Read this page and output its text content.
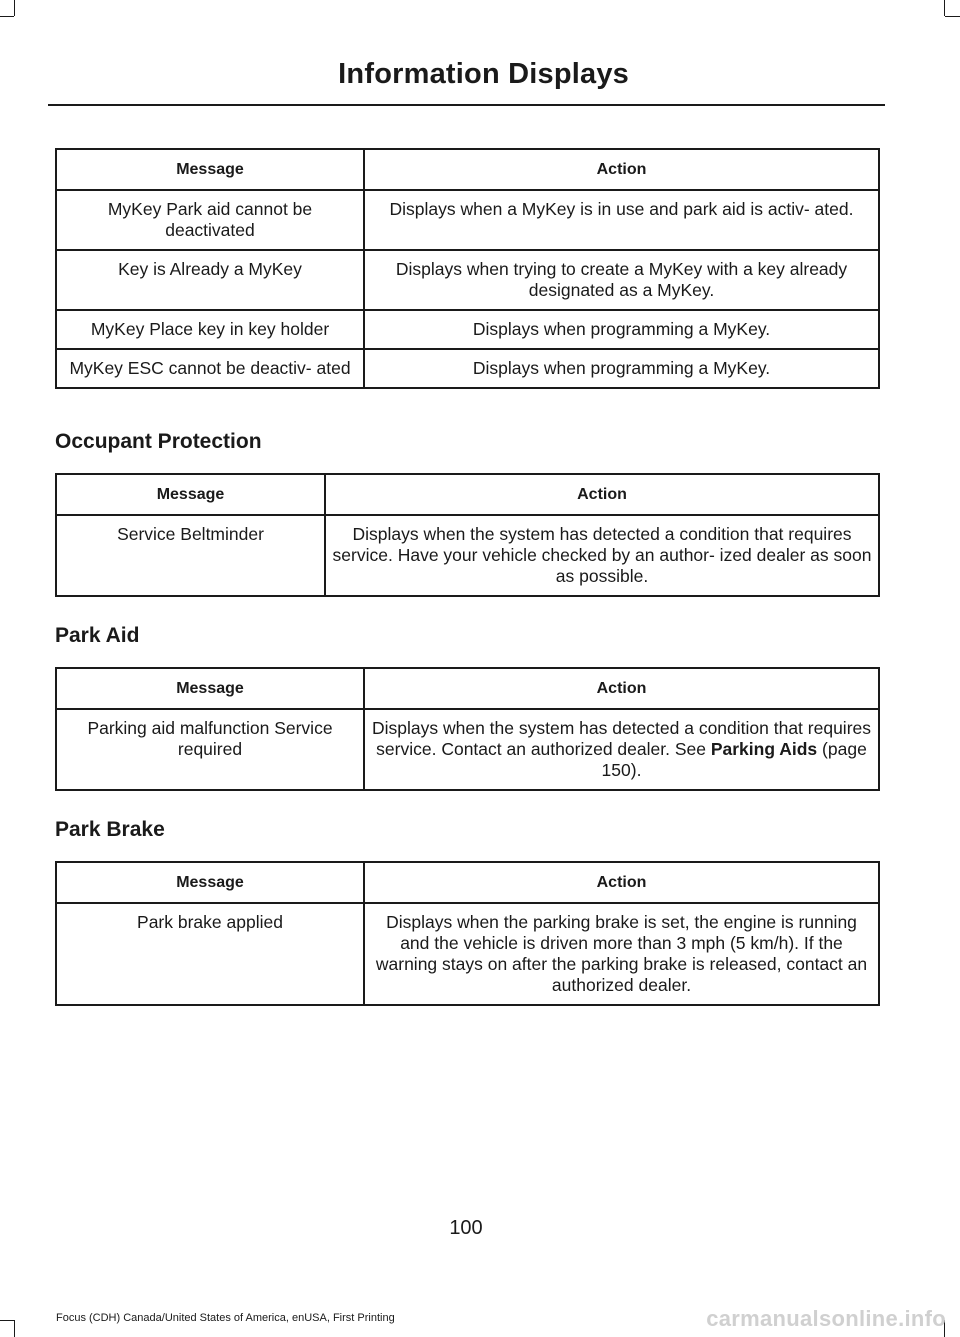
Information Displays
Message	Action
MyKey Park aid cannot be deactivated	Displays when a MyKey is in use and park aid is activ- ated.
Key is Already a MyKey	Displays when trying to create a MyKey with a key already designated as a MyKey.
MyKey Place key in key holder	Displays when programming a MyKey.
MyKey ESC cannot be deactiv- ated	Displays when programming a MyKey.
Occupant Protection
Message	Action
Service Beltminder	Displays when the system has detected a condition that requires service. Have your vehicle checked by an author- ized dealer as soon as possible.
Park Aid
Message	Action
Parking aid malfunction Service required	Displays when the system has detected a condition that requires service. Contact an authorized dealer. See Parking Aids (page 150).
Park Brake
Message	Action
Park brake applied	Displays when the parking brake is set, the engine is running and the vehicle is driven more than 3 mph (5 km/h). If the warning stays on after the parking brake is released, contact an authorized dealer.
100
Focus (CDH) Canada/United States of America, enUSA, First Printing	carmanualsonline.info
